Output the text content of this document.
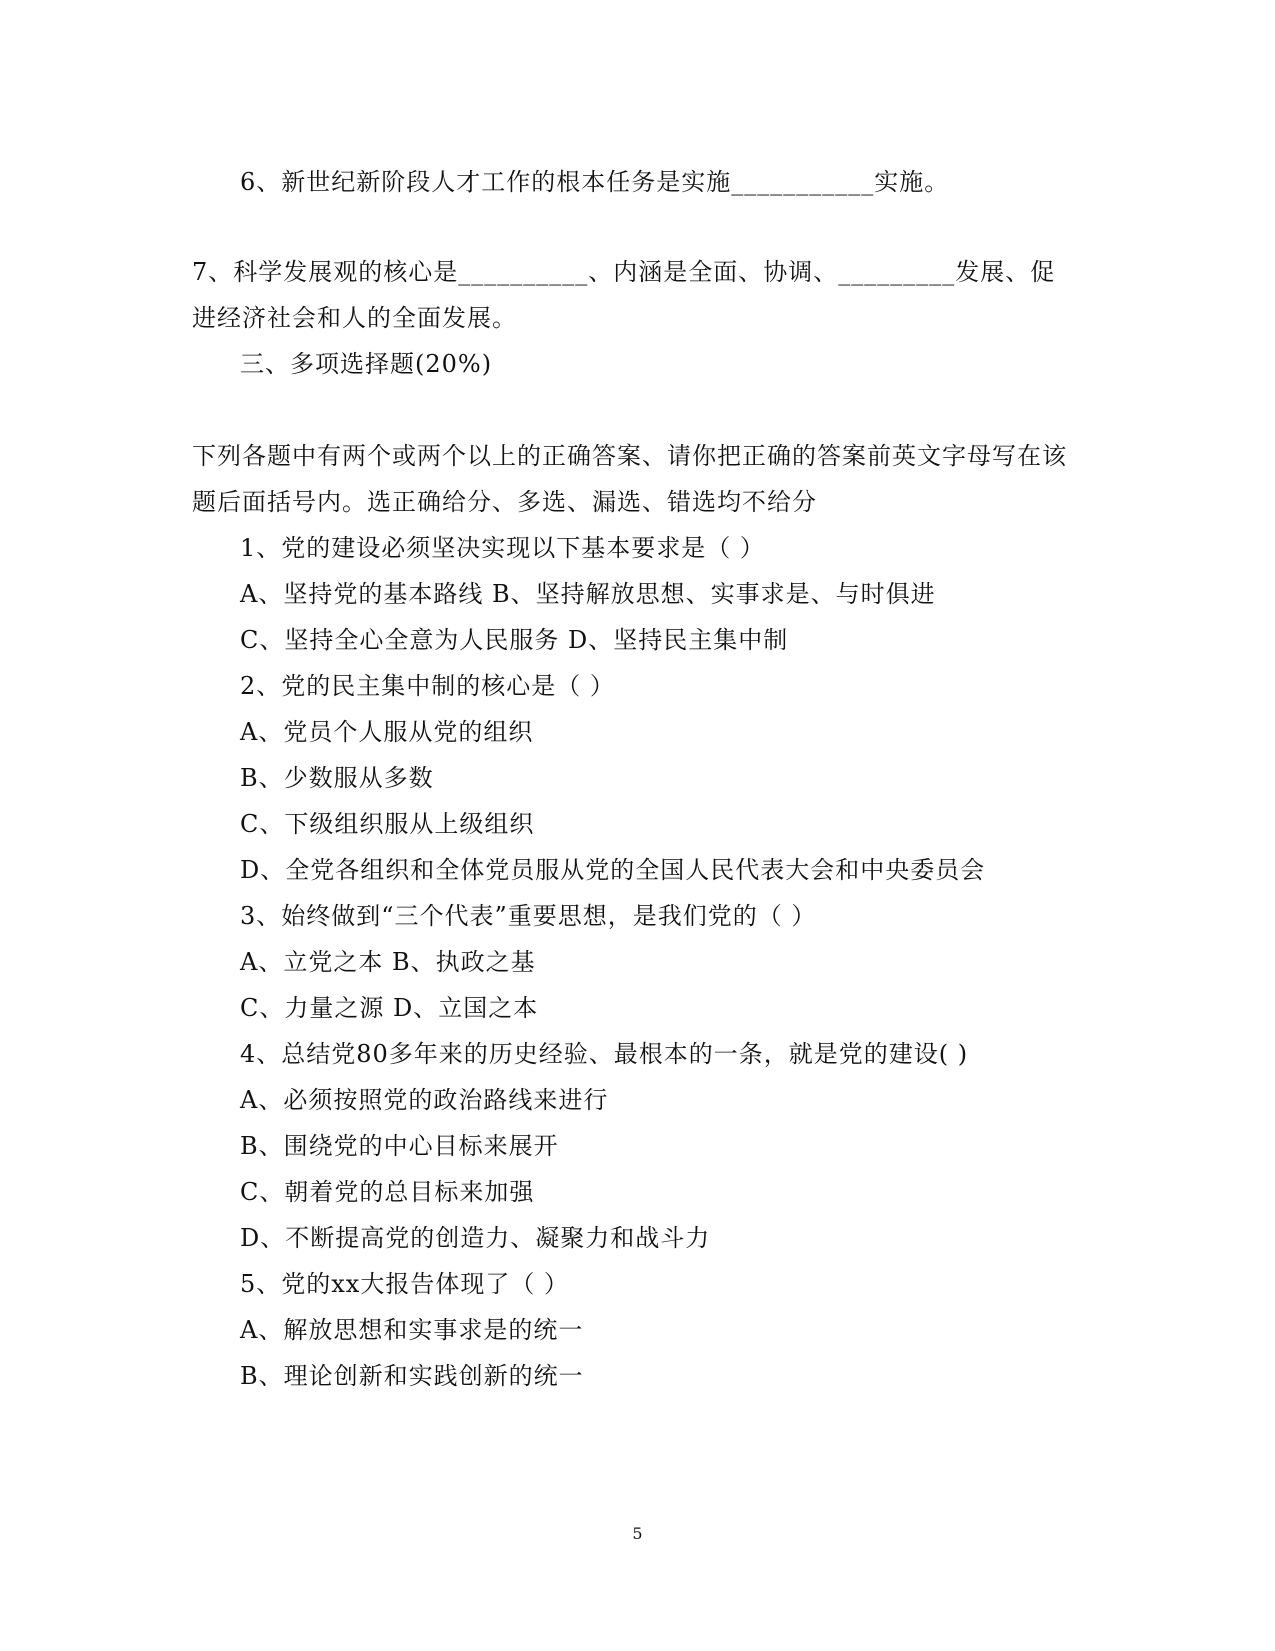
6、新世纪新阶段人才工作的根本任务是实施___________实施。
7、科学发展观的核心是__________、内涵是全面、协调、_________发展、促
进经济社会和人的全面发展。
三、多项选择题(20%)
下列各题中有两个或两个以上的正确答案、请你把正确的答案前英文字母写在该
题后面括号内。选正确给分、多选、漏选、错选均不给分
1、党的建设必须坚决实现以下基本要求是（ ）
A、坚持党的基本路线 B、坚持解放思想、实事求是、与时俱进
C、坚持全心全意为人民服务 D、坚持民主集中制
2、党的民主集中制的核心是（ ）
A、党员个人服从党的组织
B、少数服从多数
C、下级组织服从上级组织
D、全党各组织和全体党员服从党的全国人民代表大会和中央委员会
3、始终做到“三个代表”重要思想，是我们党的（ ）
A、立党之本 B、执政之基
C、力量之源 D、立国之本
4、总结党80多年来的历史经验、最根本的一条，就是党的建设( )
A、必须按照党的政治路线来进行
B、围绕党的中心目标来展开
C、朝着党的总目标来加强
D、不断提高党的创造力、凝聚力和战斗力
5、党的xx大报告体现了（ ）
A、解放思想和实事求是的统一
B、理论创新和实践创新的统一
5
